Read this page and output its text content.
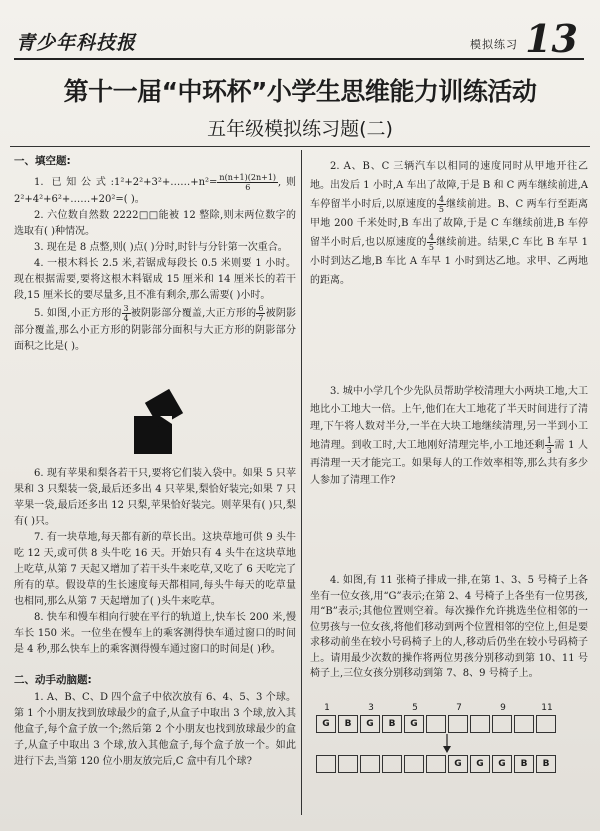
青少年科技报	模拟练习 13
第十一届“中环杯”小学生思维能力训练活动
五年级模拟练习题(二)
一、填空题:

1. 已知公式:1²+2²+3²+……+n²= $\frac{n(n+1)(2n+1)}{6}$ ,则 2²+4²+6²+……+20²=( )。

2. 六位数自然数 2222□□能被 12 整除,则末两位数字的选取有( )种情况。

3. 现在是 8 点整,则( )点( )分时,时针与分针第一次重合。

4. 一根木料长 2.5 米,若锯成每段长 0.5 米则要 1 小时。现在根据需要,要将这根木料锯成 15 厘米和 14 厘米长的若干段,15 厘米长的要尽量多,且不准有剩余,那么需要( )小时。

5. 如图,小正方形的 $\frac{3}{4}$ 被阴影部分覆盖,大正方形的 $\frac{6}{7}$ 被阴影部分覆盖,那么小正方形的阴影部分面积与大正方形的阴影部分面积之比是( )。

6. 现有苹果和梨各若干只,要将它们装入袋中。如果 5 只苹果和 3 只梨装一袋,最后还多出 4 只苹果,梨恰好装完;如果 7 只苹果一袋,最后还多出 12 只梨,苹果恰好装完。则苹果有( )只,梨有( )只。

7. 有一块草地,每天都有新的草长出。这块草地可供 9 头牛吃 12 天,或可供 8 头牛吃 16 天。开始只有 4 头牛在这块草地上吃草,从第 7 天起又增加了若干头牛来吃草,又吃了 6 天吃完了所有的草。假设草的生长速度每天都相同,每头牛每天的吃草量也相同,那么从第 7 天起增加了( )头牛来吃草。

8. 快车和慢车相向行驶在平行的轨道上,快车长 200 米,慢车长 150 米。一位坐在慢车上的乘客测得快车通过窗口的时间是 4 秒,那么快车上的乘客测得慢车通过窗口的时间是( )秒。

二、动手动脑题:

1. A、B、C、D 四个盒子中依次放有 6、4、5、3 个球。第 1 个小朋友找到放球最少的盒子,从盒子中取出 3 个球,放入其他盒子,每个盒子放一个;然后第 2 个小朋友也找到放球最少的盒子,从盒子中取出 3 个球,放入其他盒子,每个盒子放一个。如此进行下去,当第 120 位小朋友放完后,C 盒中有几个球?

2. A、B、C 三辆汽车以相同的速度同时从甲地开往乙地。出发后 1 小时,A 车出了故障,于是 B 和 C 两车继续前进,A 车停留半小时后,以原速度的 $\frac{4}{5}$ 继续前进。B、C 两车行至距离甲地 200 千米处时,B 车出了故障,于是 C 车继续前进,B 车停留半小时后,也以原速度的 $\frac{4}{5}$ 继续前进。结果,C 车比 B 车早 1 小时到达乙地,B 车比 A 车早 1 小时到达乙地。求甲、乙两地的距离。

3. 城中小学几个少先队员帮助学校清理大小两块工地,大工地比小工地大一倍。上午,他们在大工地花了半天时间进行了清理,下午将人数对半分,一半在大块工地继续清理,另一半到小工地清理。到收工时,大工地刚好清理完毕,小工地还剩 $\frac{1}{3}$ 需 1 人再清理一天才能完工。如果每人的工作效率相等,那么共有多少人参加了清理工作?

4. 如图,有 11 张椅子排成一排,在第 1、3、5 号椅子上各坐有一位女孩,用“G”表示;在第 2、4 号椅子上各坐有一位男孩,用“B”表示;其他位置则空着。每次操作允许挑选坐位相邻的一位男孩与一位女孩,将他们移动到两个位置相邻的空位上,但是要求移动前坐在较小号码椅子上的人,移动后仍坐在较小号码椅子上。请用最少次数的操作将两位男孩分别移动到第 10、11 号椅子上,三位女孩分别移动到第 7、8、9 号椅子上。

1	3	5	7	9	11
G	B	G	B	G
G	G	G	B	B
